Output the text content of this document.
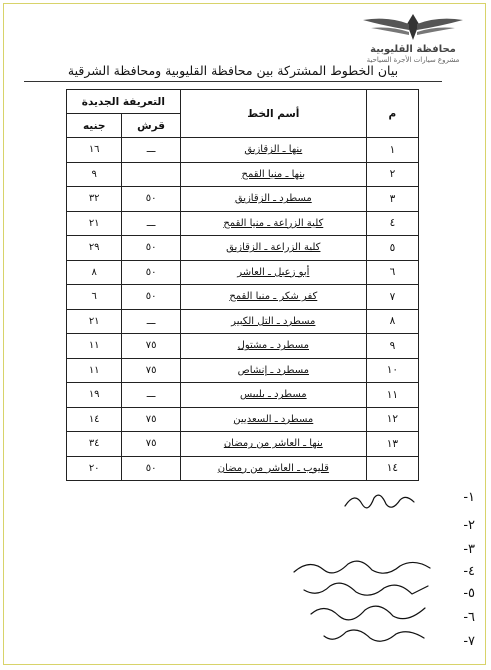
محافظة القليوبية
مشروع سيارات الأجرة السياحية
بيان الخطوط المشتركة بين محافظة القليوبية ومحافظة الشرقية
م	أسم الخط	التعريفة الجديدة	
		قرش	جنيه
١	بنها ـ الزقازيق	ـــ	١٦
٢	بنها ـ منيا القمح		٩
٣	مسطرد ـ الزقازيق	٥٠	٣٢
٤	كلية الزراعة ـ منيا القمح	ـــ	٢١
٥	كلية الزراعة ـ الزقازيق	٥٠	٢٩
٦	أبو زعبل ـ العاشر	٥٠	٨
٧	كفر شكر ـ منيا القمح	٥٠	٦
٨	مسطرد ـ التل الكبير	ـــ	٢١
٩	مسطرد ـ مشتول	٧٥	١١
١٠	مسطرد ـ إنشاص	٧٥	١١
١١	مسطرد ـ بلبيس	ـــ	١٩
١٢	مسطرد ـ السعديين	٧٥	١٤
١٣	بنها ـ العاشر من رمضان	٧٥	٣٤
١٤	قليوب ـ العاشر من رمضان	٥٠	٢٠
١-
٢-
٣-
٤-
٥-
٦-
٧-
